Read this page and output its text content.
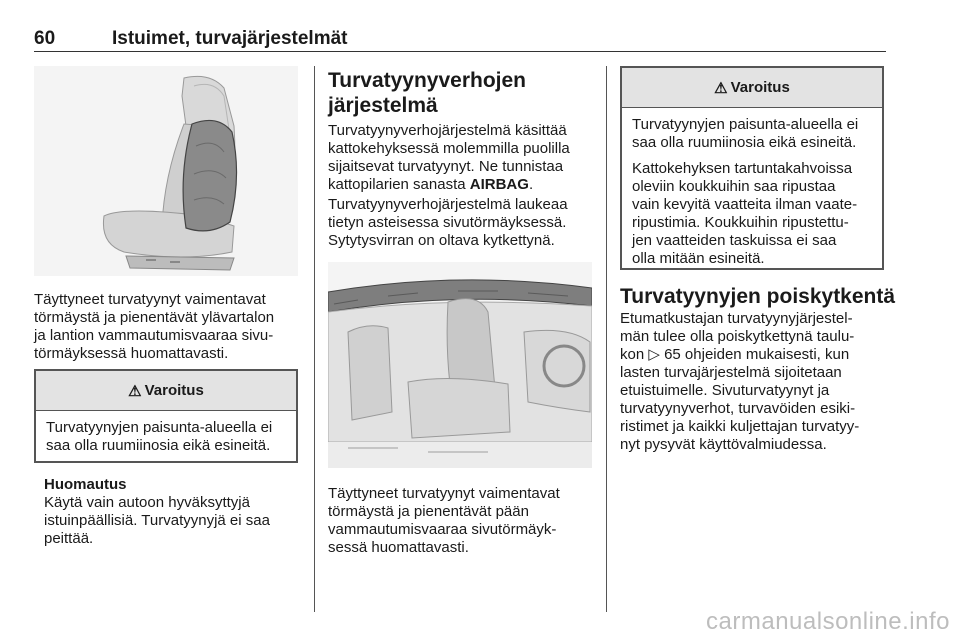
60	Istuimet, turvajärjestelmät
Täyttyneet turvatyynyt vaimentavat
törmäystä ja pienentävät ylävartalon
ja lantion vammautumisvaaraa sivu-
törmäyksessä huomattavasti.
⚠ Varoitus
Turvatyynyjen paisunta-alueella ei
saa olla ruumiinosia eikä esineitä.
Huomautus
Käytä vain autoon hyväksyttyjä
istuinpäällisiä. Turvatyynyjä ei saa
peittää.
Turvatyynyverhojen
järjestelmä
Turvatyynyverhojärjestelmä käsittää
kattokehyksessä molemmilla puolilla
sijaitsevat turvatyynyt. Ne tunnistaa
kattopilarien sanasta AIRBAG.
Turvatyynyverhojärjestelmä laukeaa
tietyn asteisessa sivutörmäyksessä.
Sytytysvirran on oltava kytkettynä.
Täyttyneet turvatyynyt vaimentavat
törmäystä ja pienentävät pään
vammautumisvaaraa sivutörmäyk-
sessä huomattavasti.
⚠ Varoitus

Turvatyynyjen paisunta-alueella ei
saa olla ruumiinosia eikä esineitä.

Kattokehyksen tartuntakahvoissa
oleviin koukkuihin saa ripustaa
vain kevyitä vaatteita ilman vaate-
ripustimia. Koukkuihin ripustettu-
jen vaatteiden taskuissa ei saa
olla mitään esineitä.

Turvatyynyjen poiskytkentä
Etumatkustajan turvatyynyjärjestel-
män tulee olla poiskytkettynä taulu-
kon ▷ 65 ohjeiden mukaisesti, kun
lasten turvajärjestelmä sijoitetaan
etuistuimelle. Sivuturvatyynyt ja
turvatyynyverhot, turvavöiden esiki-
ristimet ja kaikki kuljettajan turvatyy-
nyt pysyvät käyttövalmiudessa.
carmanualsonline.info
